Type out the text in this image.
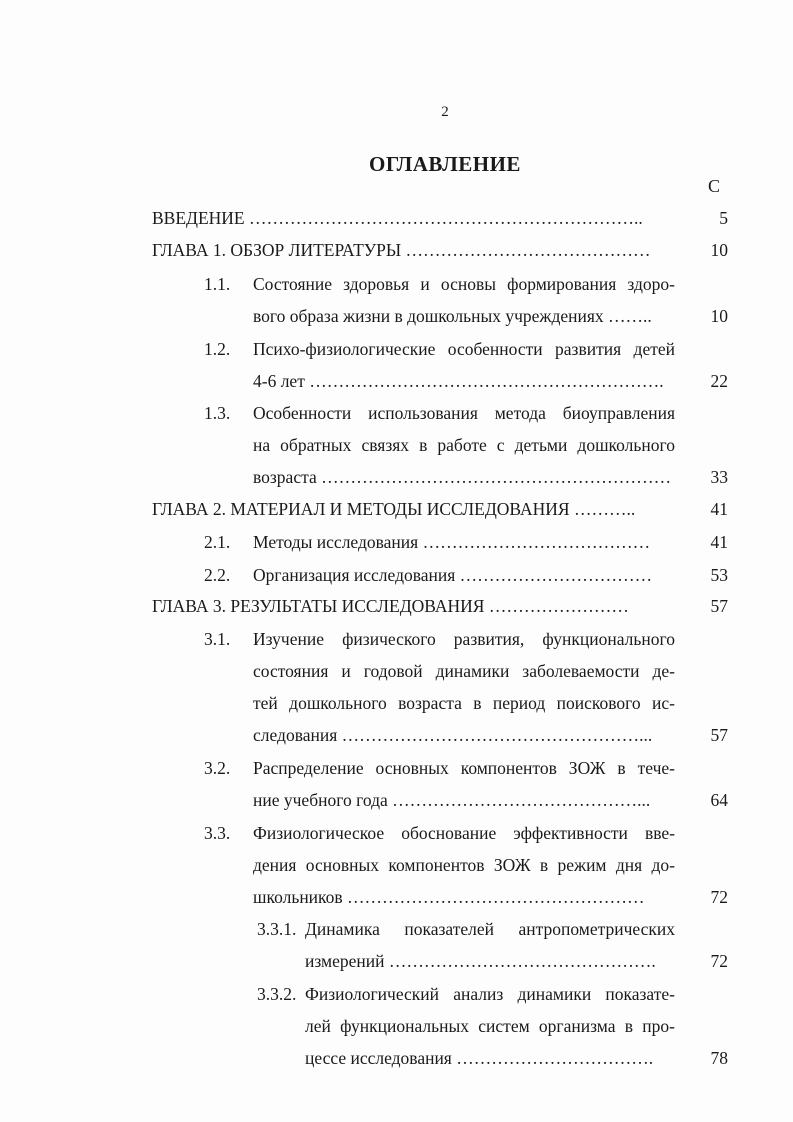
2
ОГЛАВЛЕНИЕ
С
ВВЕДЕНИЕ …………………………………………………………..	5
ГЛАВА 1. ОБЗОР ЛИТЕРАТУРЫ ……………………………………	10
1.1. Состояние здоровья и основы формирования здоро-
вого образа жизни в дошкольных учреждениях ……..	10
1.2. Психо-физиологические особенности развития детей
4-6 лет …………………………………………………….	22
1.3. Особенности использования метода биоуправления
на обратных связях в работе с детьми дошкольного
возраста ……………………………………………………	33
ГЛАВА 2. МАТЕРИАЛ И МЕТОДЫ ИССЛЕДОВАНИЯ ………..	41
2.1. Методы исследования …………………………………	41
2.2. Организация исследования ……………………………	53
ГЛАВА 3. РЕЗУЛЬТАТЫ ИССЛЕДОВАНИЯ ……………………	57
3.1. Изучение физического развития, функционального
состояния и годовой динамики заболеваемости де-
тей дошкольного возраста в период поискового ис-
следования ……………………………………………...	57
3.2. Распределение основных компонентов ЗОЖ в тече-
ние учебного года ……………………………………...	64
3.3. Физиологическое обоснование эффективности вве-
дения основных компонентов ЗОЖ в режим дня до-
школьников ……………………………………………	72
3.3.1. Динамика показателей антропометрических
измерений ……………………………………….	72
3.3.2. Физиологический анализ динамики показате-
лей функциональных систем организма в про-
цессе исследования …………………………….	78
